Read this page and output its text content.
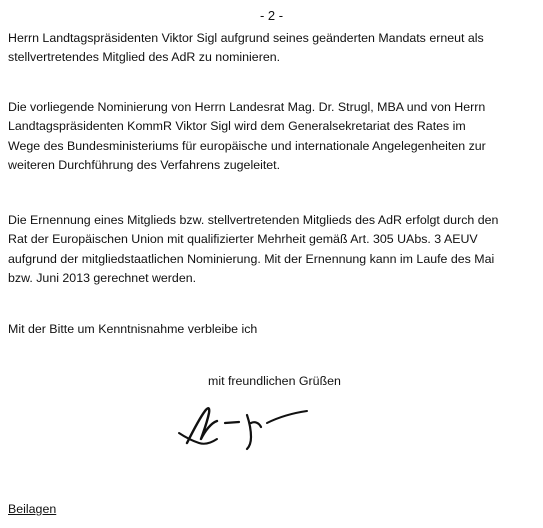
- 2 -
Herrn Landtagspräsidenten Viktor Sigl aufgrund seines geänderten Mandats erneut als
stellvertretendes Mitglied des AdR zu nominieren.
Die vorliegende Nominierung von Herrn Landesrat Mag. Dr. Strugl, MBA und von Herrn
Landtagspräsidenten KommR Viktor Sigl wird dem Generalsekretariat des Rates im
Wege des Bundesministeriums für europäische und internationale Angelegenheiten zur
weiteren Durchführung des Verfahrens zugeleitet.
Die Ernennung eines Mitglieds bzw. stellvertretenden Mitglieds des AdR erfolgt durch den
Rat der Europäischen Union mit qualifizierter Mehrheit gemäß Art. 305 UAbs. 3 AEUV
aufgrund der mitgliedstaatlichen Nominierung. Mit der Ernennung kann im Laufe des Mai
bzw. Juni 2013 gerechnet werden.
Mit der Bitte um Kenntnisnahme verbleibe ich
mit freundlichen Grüßen
Beilagen
